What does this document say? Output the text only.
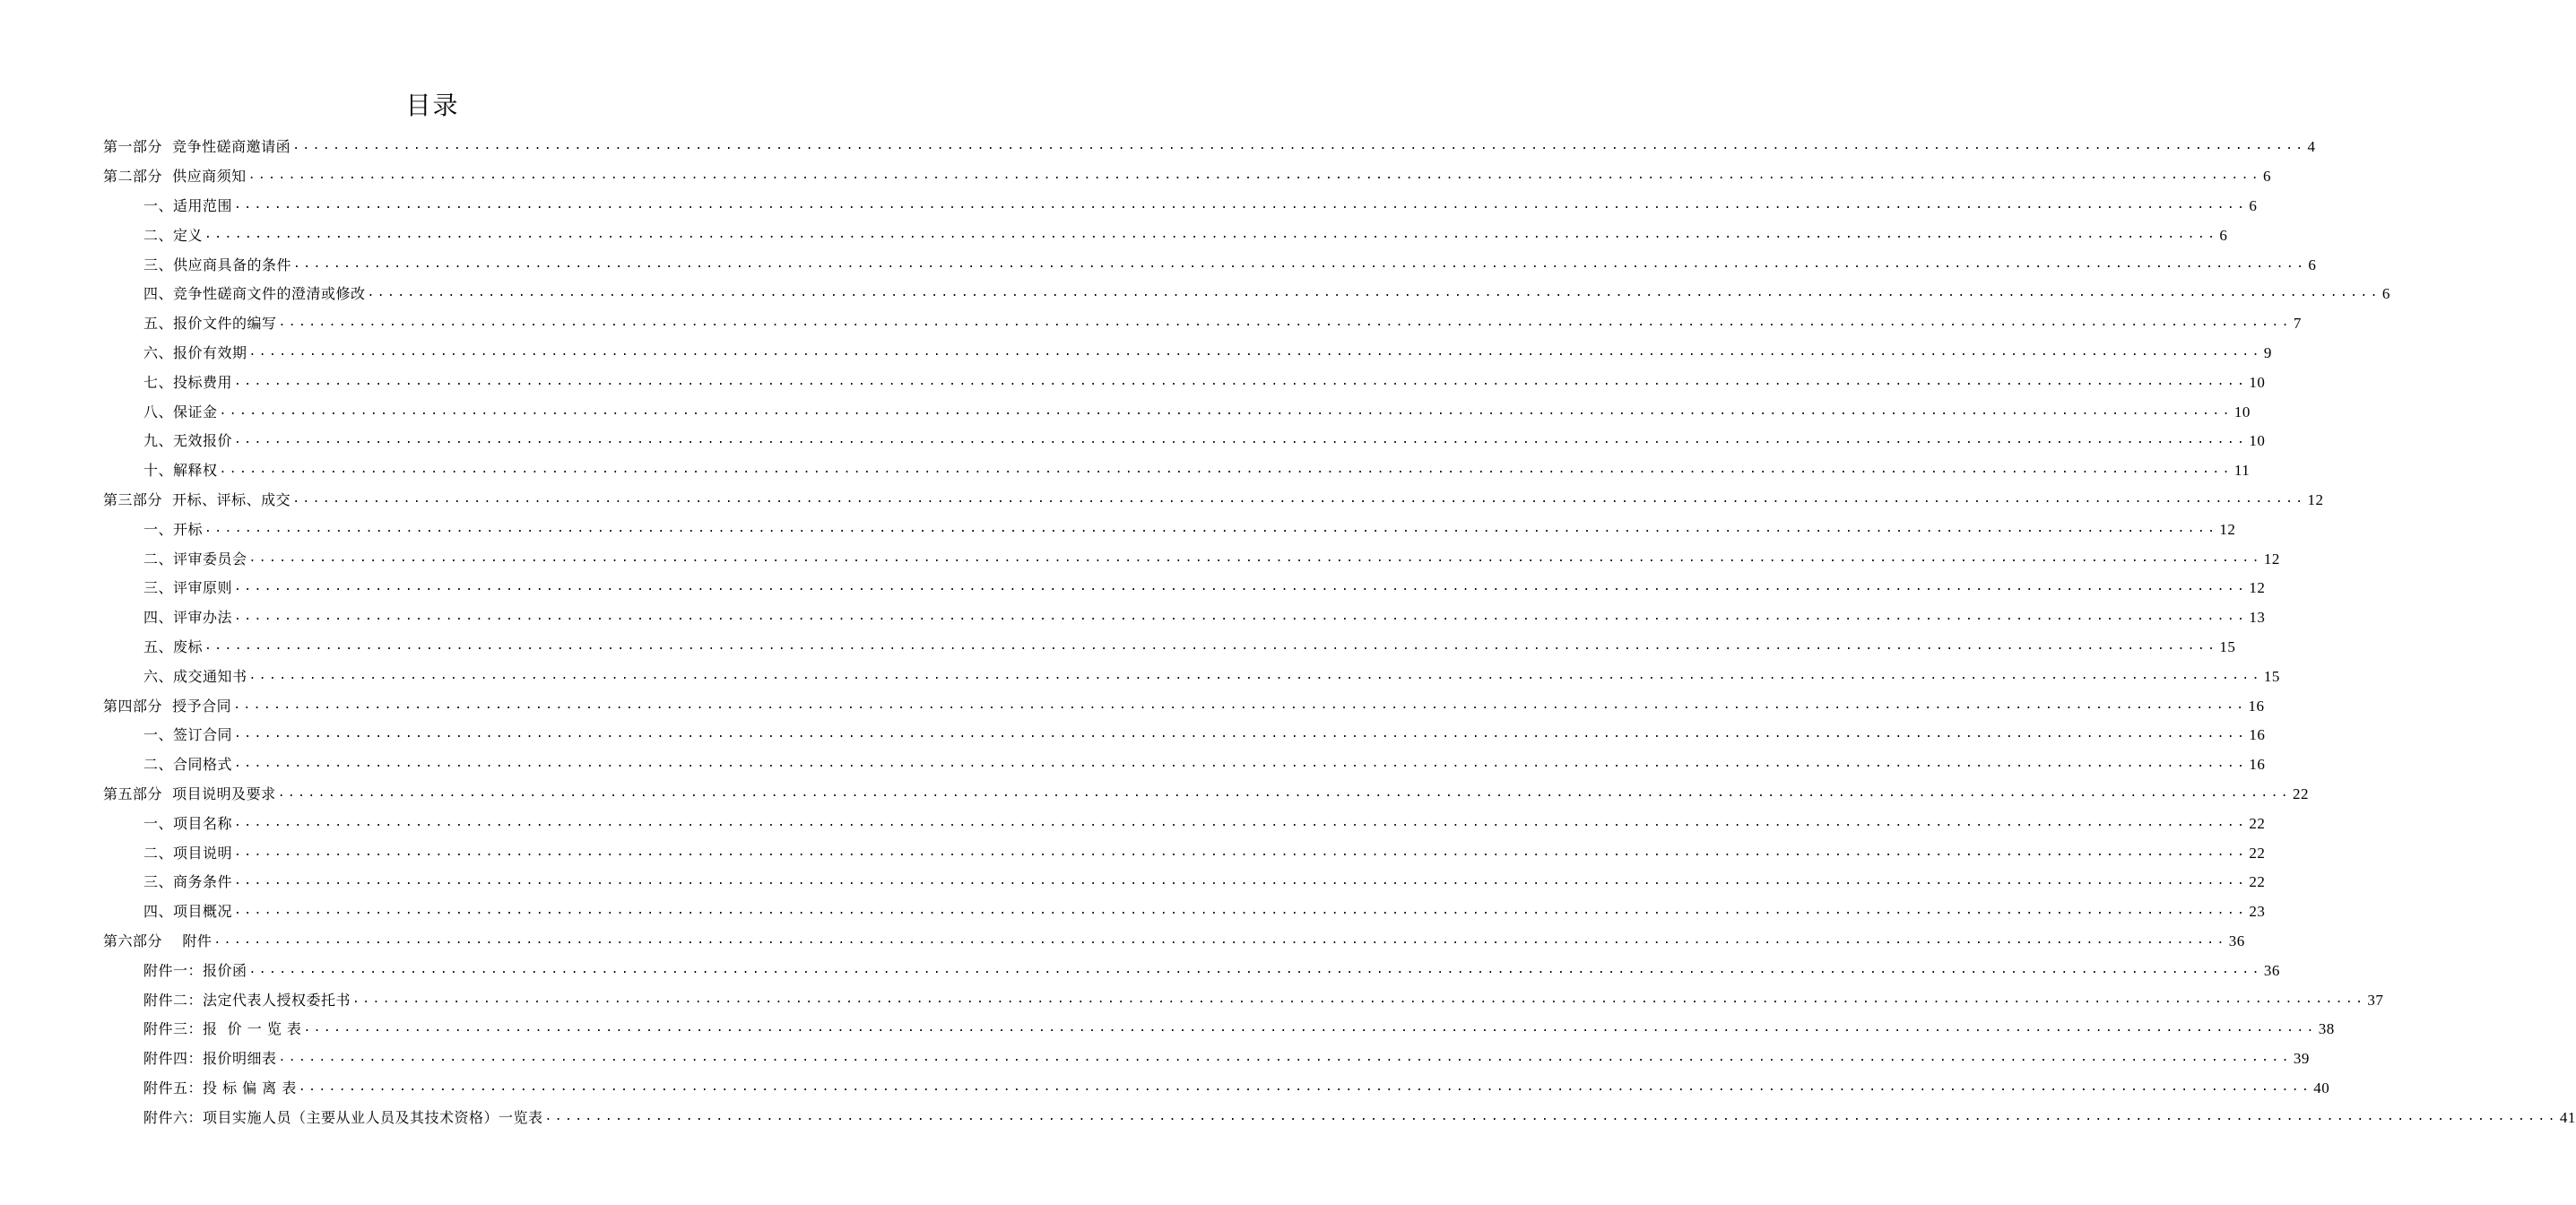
目录
第一部分  竞争性磋商邀请函 ........................................................................................................................................................................................................ 4
第二部分  供应商须知 ........................................................................................................................................................................................................ 6
一、适用范围 ........................................................................................................................................................................................................ 6
二、定义 ........................................................................................................................................................................................................ 6
三、供应商具备的条件 ........................................................................................................................................................................................................ 6
四、竞争性磋商文件的澄清或修改 ........................................................................................................................................................................................................ 6
五、报价文件的编写 ........................................................................................................................................................................................................ 7
六、报价有效期 ........................................................................................................................................................................................................ 9
七、投标费用 ........................................................................................................................................................................................................ 10
八、保证金 ........................................................................................................................................................................................................ 10
九、无效报价 ........................................................................................................................................................................................................ 10
十、解释权 ........................................................................................................................................................................................................ 11
第三部分  开标、评标、成交 ........................................................................................................................................................................................................ 12
一、开标 ........................................................................................................................................................................................................ 12
二、评审委员会 ........................................................................................................................................................................................................ 12
三、评审原则 ........................................................................................................................................................................................................ 12
四、评审办法 ........................................................................................................................................................................................................ 13
五、废标 ........................................................................................................................................................................................................ 15
六、成交通知书 ........................................................................................................................................................................................................ 15
第四部分  授予合同 ........................................................................................................................................................................................................ 16
一、签订合同 ........................................................................................................................................................................................................ 16
二、合同格式 ........................................................................................................................................................................................................ 16
第五部分  项目说明及要求 ........................................................................................................................................................................................................ 22
一、项目名称 ........................................................................................................................................................................................................ 22
二、项目说明 ........................................................................................................................................................................................................ 22
三、商务条件 ........................................................................................................................................................................................................ 22
四、项目概况 ........................................................................................................................................................................................................ 23
第六部分    附件 ........................................................................................................................................................................................................ 36
附件一：报价函 ........................................................................................................................................................................................................ 36
附件二：法定代表人授权委托书 ........................................................................................................................................................................................................ 37
附件三：报  价 一 览 表 ........................................................................................................................................................................................................ 38
附件四：报价明细表 ........................................................................................................................................................................................................ 39
附件五：投 标 偏 离 表 ........................................................................................................................................................................................................ 40
附件六：项目实施人员（主要从业人员及其技术资格）一览表 ........................................................................................................................................................................................................ 41
